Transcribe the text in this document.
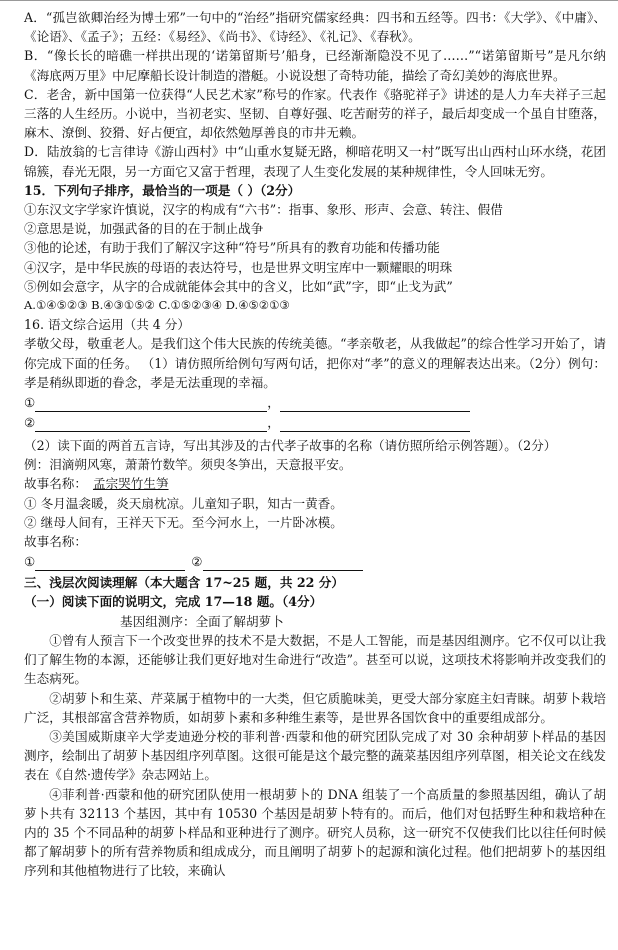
A．“孤岂欲卿治经为博士邪”一句中的“治经”指研究儒家经典：四书和五经等。四书：《大学》、《中庸》、《论语》、《孟子》；五经：《易经》、《尚书》、《诗经》、《礼记》、《春秋》。

B．“像长长的暗礁一样拱出现的‘诺第留斯号’船身，已经渐渐隐没不见了……”“诺第留斯号”是凡尔纳《海底两万里》中尼摩船长设计制造的潜艇。小说设想了奇特功能，描绘了奇幻美妙的海底世界。

C．老舍，新中国第一位获得“人民艺术家”称号的作家。代表作《骆驼祥子》讲述的是人力车夫祥子三起三落的人生经历。小说中，当初老实、坚韧、自尊好强、吃苦耐劳的祥子，最后却变成一个虽自甘堕落，麻木、潦倒、狡猾、好占便宜，却依然勉厚善良的市井无赖。

D．陆放翁的七言律诗《游山西村》中“山重水复疑无路，柳暗花明又一村”既写出山西村山环水绕，花团锦簇，春光无限，另一方面它又富于哲理，表现了人生变化发展的某种规律性，令人回味无穷。

15．下列句子排序，最恰当的一项是（ ）（2分）

①东汉文字学家许慎说，汉字的构成有“六书”：指事、象形、形声、会意、转注、假借

②意思是说，加强武备的目的在于制止战争

③他的论述，有助于我们了解汉字这种“符号”所具有的教育功能和传播功能

④汉字，是中华民族的母语的表达符号，也是世界文明宝库中一颗耀眼的明珠

⑤例如会意字，从字的合成就能体会其中的含义，比如“武”字，即“止戈为武”

A.①④⑤②③ B.④③①⑤② C.①⑤②③④ D.④⑤②①③

16. 语文综合运用（共 4 分）

孝敬父母，敬重老人。是我们这个伟大民族的传统美德。“孝亲敬老，从我做起”的综合性学习开始了，请你完成下面的任务。 （1）请仿照所给例句写两句话，把你对“孝”的意义的理解表达出来。（2分）例句：孝是稍纵即逝的眷念，孝是无法重现的幸福。

①	，
②	，

（2）读下面的两首五言诗，写出其涉及的古代孝子故事的名称（请仿照所给示例答题）。（2分）

例：泪滴朔风寒，萧萧竹数竿。须臾冬笋出，天意报平安。

故事名称： 孟宗哭竹生笋

① 冬月温衾暖，炎天扇枕凉。儿童知子职，知古一黄香。

② 继母人间有，王祥天下无。至今河水上，一片卧冰模。

故事名称：

①	②

三、浅层次阅读理解（本大题含 17~25 题，共 22 分）

（一）阅读下面的说明文，完成 17—18 题。（4分）

基因组测序：全面了解胡萝卜

①曾有人预言下一个改变世界的技术不是大数据，不是人工智能，而是基因组测序。它不仅可以让我们了解生物的本源，还能够让我们更好地对生命进行“改造”。甚至可以说，这项技术将影响并改变我们的生态病死。

②胡萝卜和生菜、芹菜属于植物中的一大类，但它质脆味美，更受大部分家庭主妇青睐。胡萝卜栽培广泛，其根部富含营养物质，如胡萝卜素和多种维生素等，是世界各国饮食中的重要组成部分。

③美国威斯康辛大学麦迪逊分校的菲利普·西蒙和他的研究团队完成了对 30 余种胡萝卜样品的基因测序，绘制出了胡萝卜基因组序列草图。这很可能是这个最完整的蔬菜基因组序列草图，相关论文在线发表在《自然·遗传学》杂志网站上。

④菲利普·西蒙和他的研究团队使用一根胡萝卜的 DNA 组装了一个高质量的参照基因组，确认了胡萝卜共有 32113 个基因，其中有 10530 个基因是胡萝卜特有的。而后，他们对包括野生种和栽培种在内的 35 个不同品种的胡萝卜样品和亚种进行了测序。研究人员称，这一研究不仅使我们比以往任何时候都了解胡萝卜的所有营养物质和组成成分，而且阐明了胡萝卜的起源和演化过程。他们把胡萝卜的基因组序列和其他植物进行了比较，来确认
